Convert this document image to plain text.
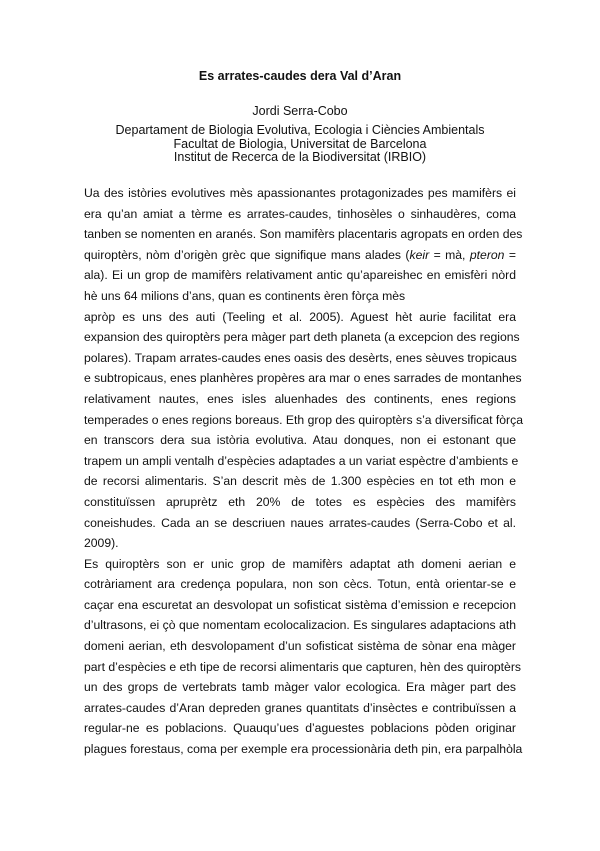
Es arrates-caudes dera Val d’Aran
Jordi Serra-Cobo
Departament de Biologia Evolutiva, Ecologia i Ciències Ambientals
Facultat de Biologia, Universitat de Barcelona
Institut de Recerca de la Biodiversitat (IRBIO)
Ua des istòries evolutives mès apassionantes protagonizades pes mamifèrs ei
era qu’an amiat a tèrme es arrates-caudes, tinhosèles o sinhaudères, coma
tanben se nomenten en aranés. Son mamifèrs placentaris agropats en orden des
quiroptèrs, nòm d’origèn grèc que signifique mans alades (keir = mà, pteron =
ala). Ei un grop de mamifèrs relativament antic qu’apareishec en emisfèri nòrd
hè uns 64 milions d’ans, quan es continents èren fòrça mès
apròp es uns des auti (Teeling et al. 2005). Aguest hèt aurie facilitat era
expansion des quiroptèrs pera màger part deth planeta (a excepcion des regions
polares). Trapam arrates-caudes enes oasis des desèrts, enes sèuves tropicaus
e subtropicaus, enes planhères propères ara mar o enes sarrades de montanhes
relativament nautes, enes isles aluenhades des continents, enes regions
temperades o enes regions boreaus. Eth grop des quiroptèrs s’a diversificat fòrça
en transcors dera sua istòria evolutiva. Atau donques, non ei estonant que
trapem un ampli ventalh d’espècies adaptades a un variat espèctre d’ambients e
de recorsi alimentaris. S’an descrit mès de 1.300 espècies en tot eth mon e
constituïssen apruprètz eth 20% de totes es espècies des mamifèrs
coneishudes. Cada an se descriuen naues arrates-caudes (Serra-Cobo et al.
2009).
Es quiroptèrs son er unic grop de mamifèrs adaptat ath domeni aerian e
cotràriament ara credença populara, non son cècs. Totun, entà orientar-se e
caçar ena escuretat an desvolopat un sofisticat sistèma d’emission e recepcion
d’ultrasons, ei çò que nomentam ecolocalizacion. Es singulares adaptacions ath
domeni aerian, eth desvolopament d’un sofisticat sistèma de sònar ena màger
part d’espècies e eth tipe de recorsi alimentaris que capturen, hèn des quiroptèrs
un des grops de vertebrats tamb màger valor ecologica. Era màger part des
arrates-caudes d’Aran depreden granes quantitats d’insèctes e contribuïssen a
regular-ne es poblacions. Quauqu’ues d’aguestes poblacions pòden originar
plagues forestaus, coma per exemple era processionària deth pin, era parpalhòla
